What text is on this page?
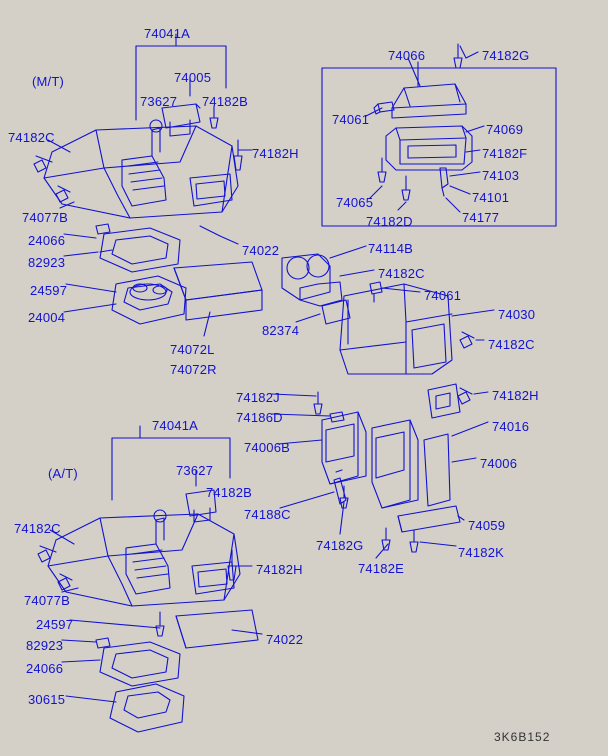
(M/T)
(A/T)
74041A
74005
73627 74182B
74182C
74182H
74077B
24066
82923
24597
24004
74022
74072L
74072R
74114B
74182C
82374
74061
74030
74182C
74182J
74186D
74006B
74182H
74016
74006
74059
74182K
74182E
74182G
74188C
74041A
73627
74182B
74182C
74182H
74077B
24597
82923
24066
30615
74022
74066	74182G
74061
74069
74182F
74103
74101
74177
74065
74182D
3K6B152
